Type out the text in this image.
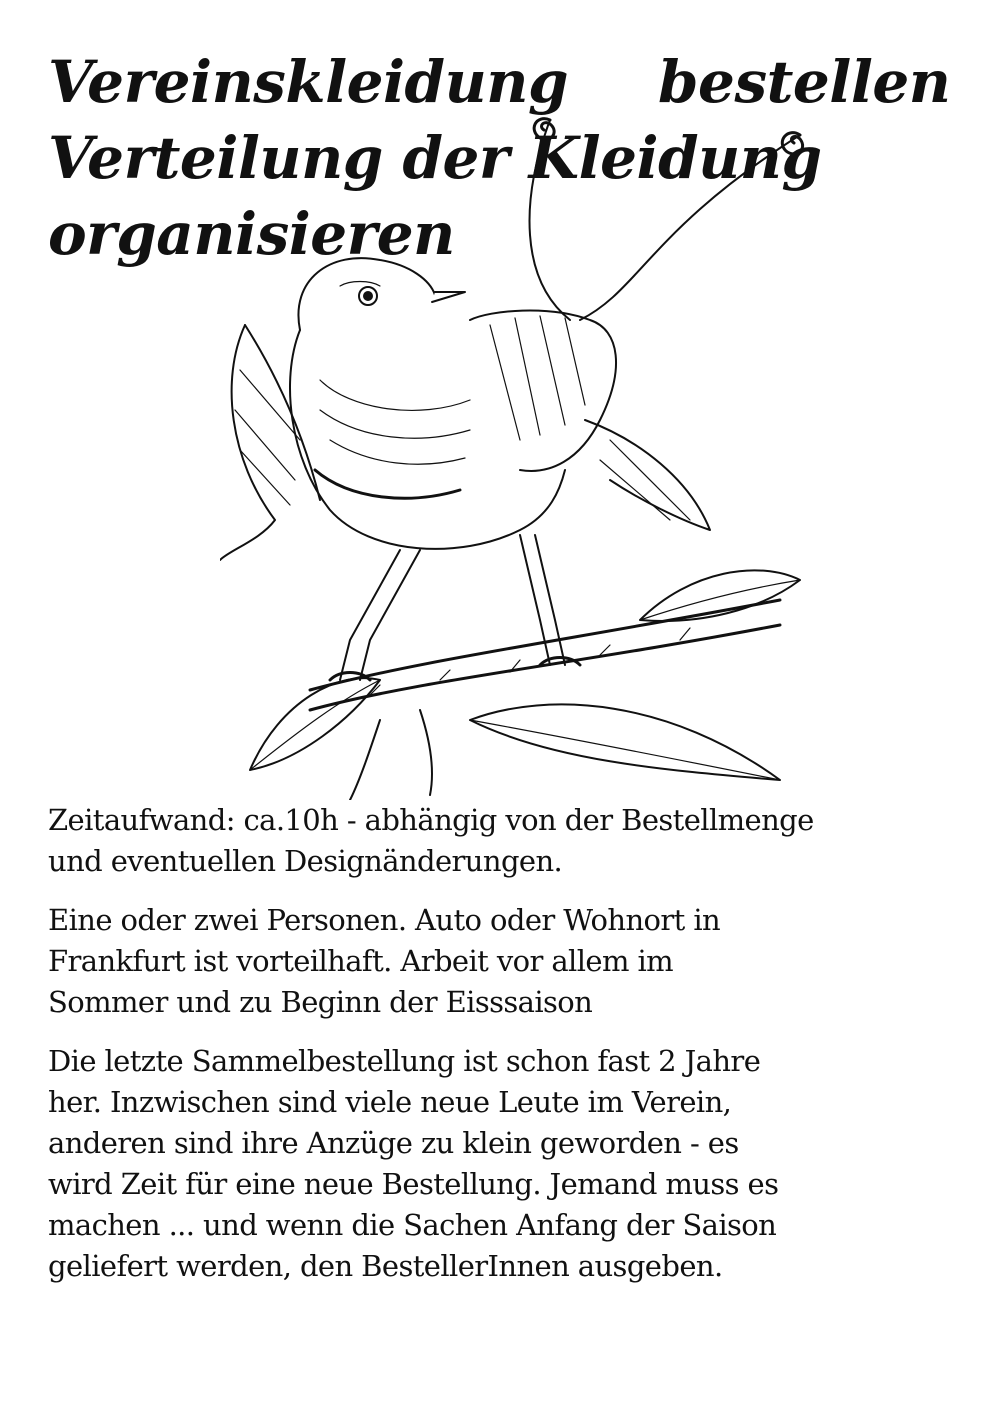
Vereinskleidung bestellen
Verteilung der Kleidung
organisieren

Zeitaufwand: ca.10h - abhängig von der Bestellmenge
und eventuellen Designänderungen.

Eine oder zwei Personen. Auto oder Wohnort in
Frankfurt ist vorteilhaft. Arbeit vor allem im
Sommer und zu Beginn der Eisssaison

Die letzte Sammelbestellung ist schon fast 2 Jahre
her. Inzwischen sind viele neue Leute im Verein,
anderen sind ihre Anzüge zu klein geworden - es
wird Zeit für eine neue Bestellung. Jemand muss es
machen ... und wenn die Sachen Anfang der Saison
geliefert werden, den BestellerInnen ausgeben.
